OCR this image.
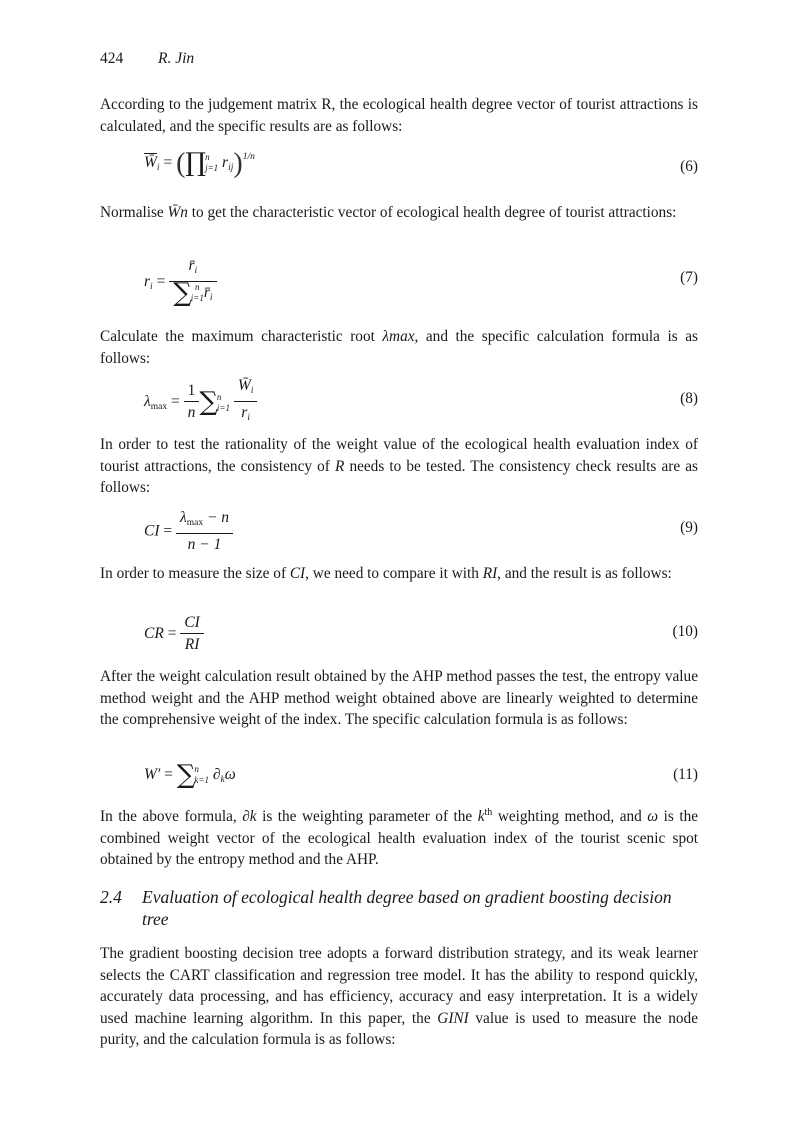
424 R. Jin
According to the judgement matrix R, the ecological health degree vector of tourist attractions is calculated, and the specific results are as follows:
$W̄_i$ = (∏ n
j=1 $r_{ij})^{1/n}$
(6)
Normalise W̄n to get the characteristic vector of ecological health degree of tourist attractions:
$r_i$ = $r̄_i$
∑ n
i=1 $r̄_i$	(7)
Calculate the maximum characteristic root λmax, and the specific calculation formula is as follows:
$\lambda_{max} = \frac{1}{n}$ ∑ n
i=1
$\frac{W̄_i}{r_i}$	(8)
In order to test the rationality of the weight value of the ecological health evaluation index of tourist attractions, the consistency of R needs to be tested. The consistency check results are as follows:
CI = $\frac{\lambda_{max} - n}{n - 1}$	(9)
In order to measure the size of CI, we need to compare it with RI, and the result is as follows:
CR = $\frac{CI}{RI}$	(10)
After the weight calculation result obtained by the AHP method passes the test, the entropy value method weight and the AHP method weight obtained above are linearly weighted to determine the comprehensive weight of the index. The specific calculation formula is as follows:
W′ = ∑ n
k=1 $\partial_k\omega$	(11)
In the above formula, ∂k is the weighting parameter of the $k^{th}$ weighting method, and ω is the combined weight vector of the ecological health evaluation index of the tourist scenic spot obtained by the entropy method and the AHP.
2.4 Evaluation of ecological health degree based on gradient boosting decision tree
The gradient boosting decision tree adopts a forward distribution strategy, and its weak learner selects the CART classification and regression tree model. It has the ability to respond quickly, accurately data processing, and has efficiency, accuracy and easy interpretation. It is a widely used machine learning algorithm. In this paper, the GINI value is used to measure the node purity, and the calculation formula is as follows:
